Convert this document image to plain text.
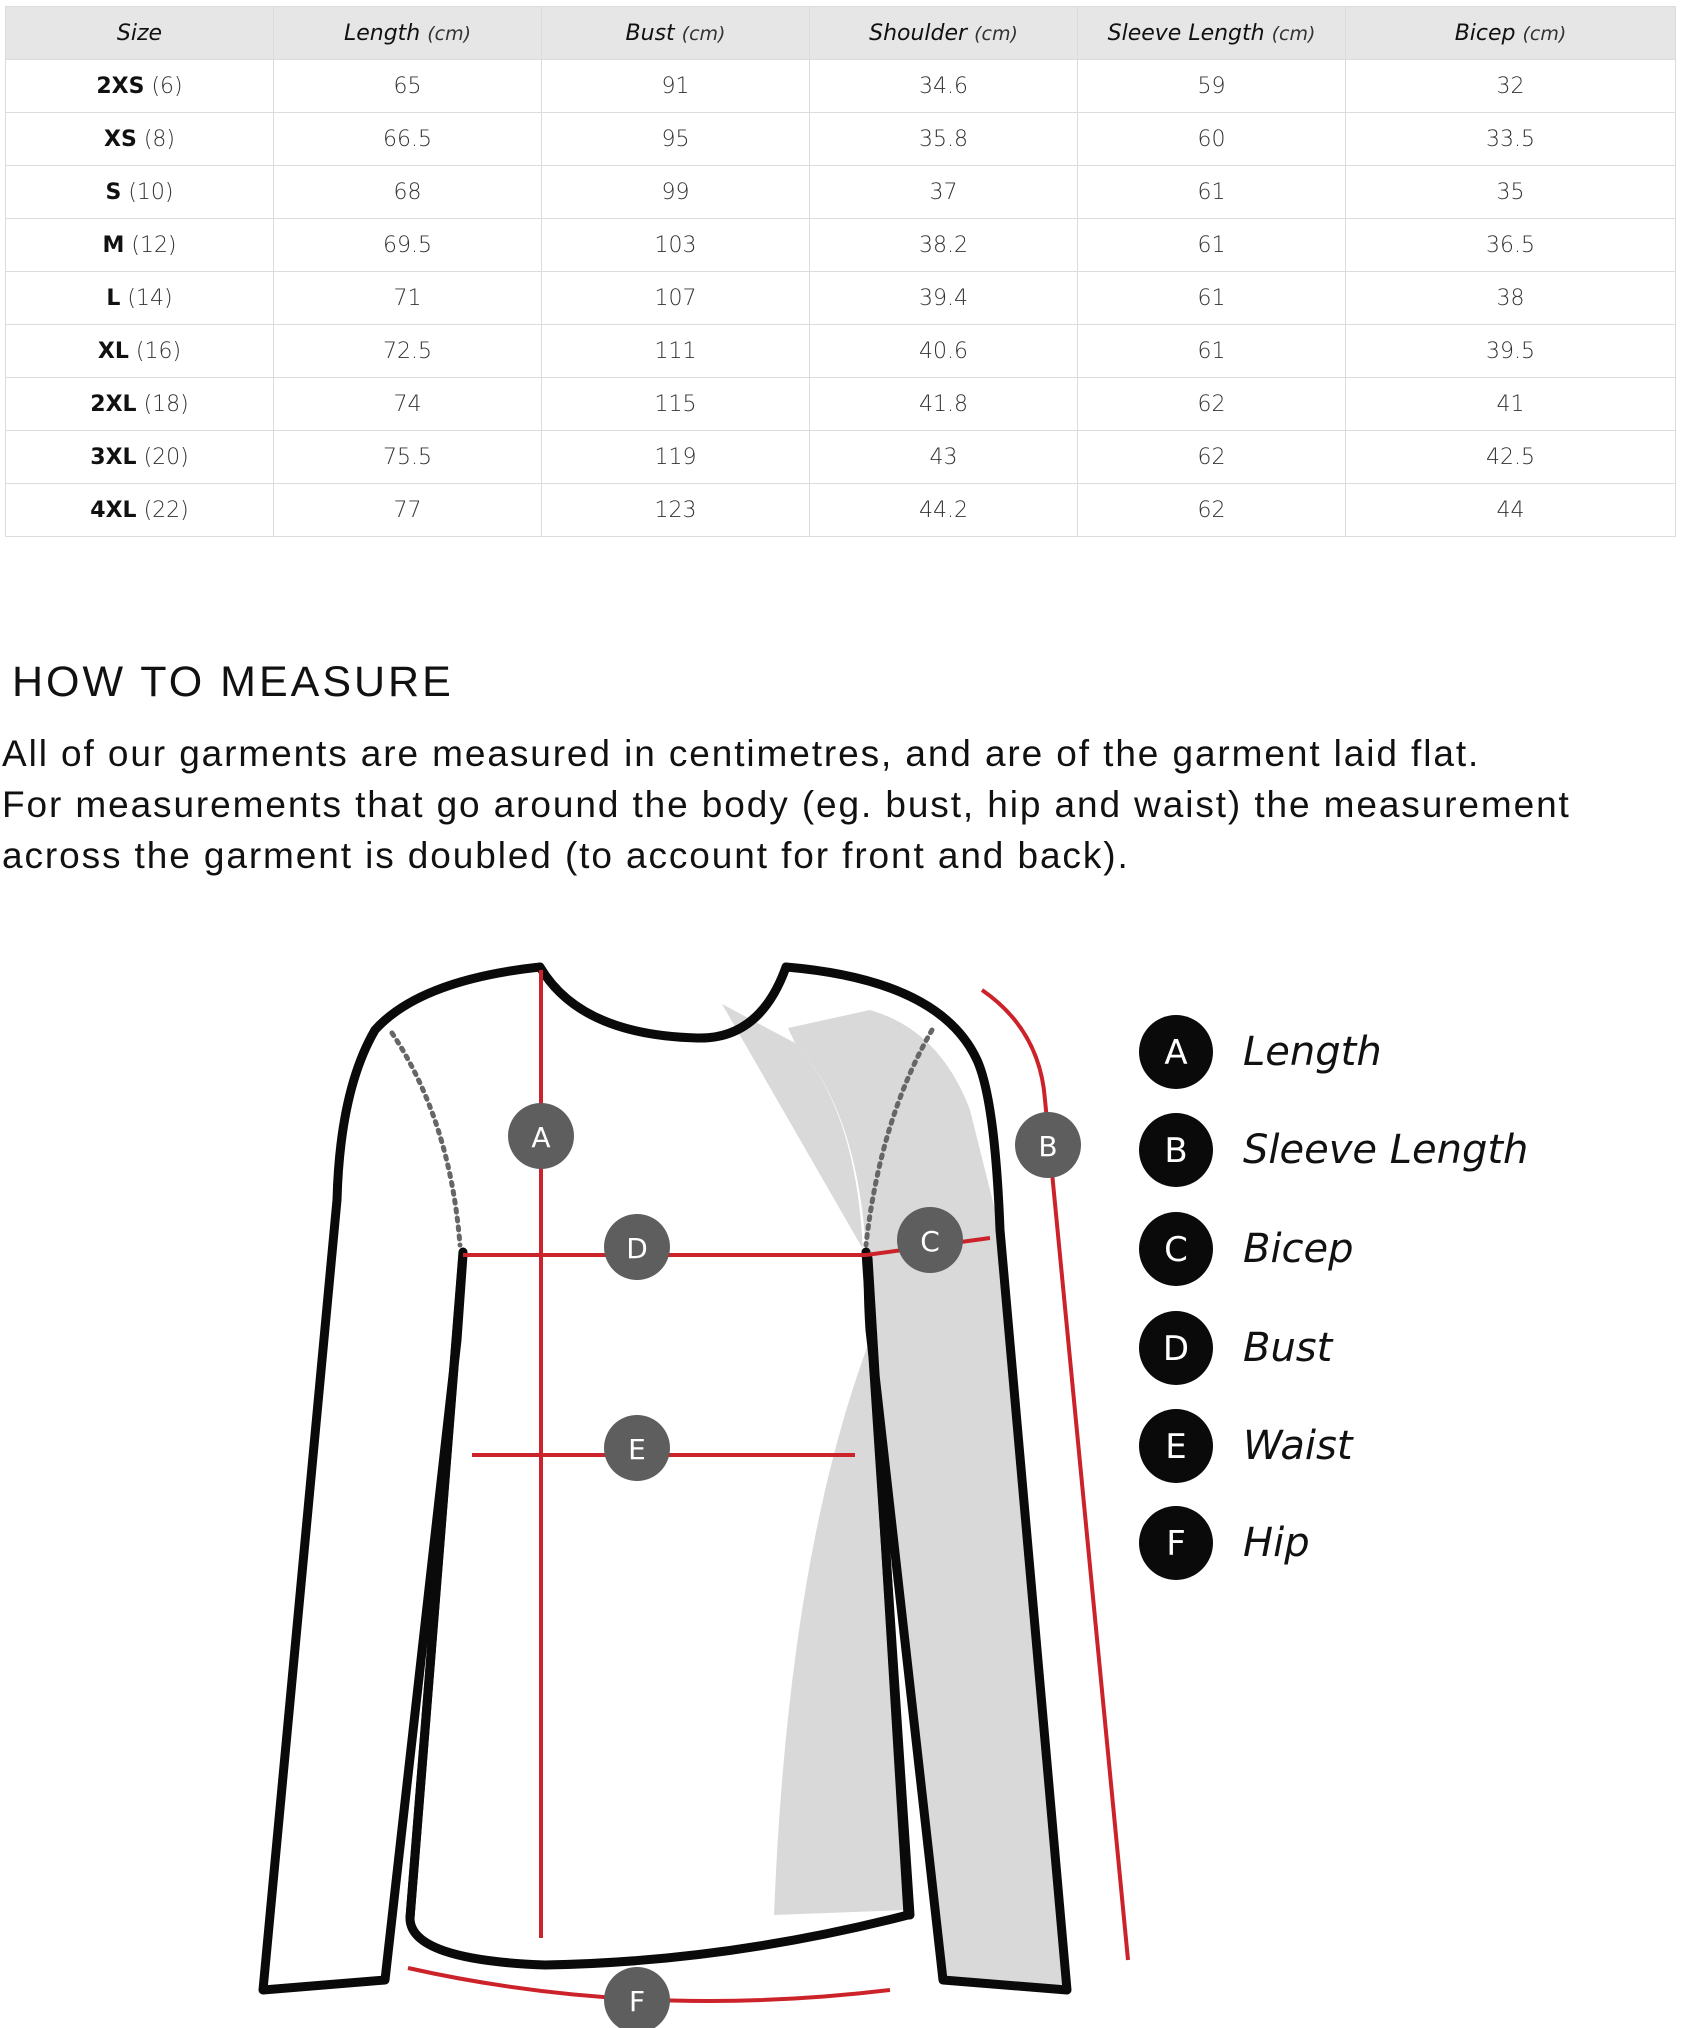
Size	Length (cm)	Bust (cm)	Shoulder (cm)	Sleeve Length (cm)	Bicep (cm)
2XS (6)	65	91	34.6	59	32
XS (8)	66.5	95	35.8	60	33.5
S (10)	68	99	37	61	35
M (12)	69.5	103	38.2	61	36.5
L (14)	71	107	39.4	61	38
XL (16)	72.5	111	40.6	61	39.5
2XL (18)	74	115	41.8	62	41
3XL (20)	75.5	119	43	62	42.5
4XL (22)	77	123	44.2	62	44
HOW TO MEASURE

All of our garments are measured in centimetres, and are of the garment laid flat.
For measurements that go around the body (eg. bust, hip and waist) the measurement
across the garment is doubled (to account for front and back).

A	B
C
D
E
F
A Length
B Sleeve Length
C Bicep
D Bust
E Waist
F Hip
